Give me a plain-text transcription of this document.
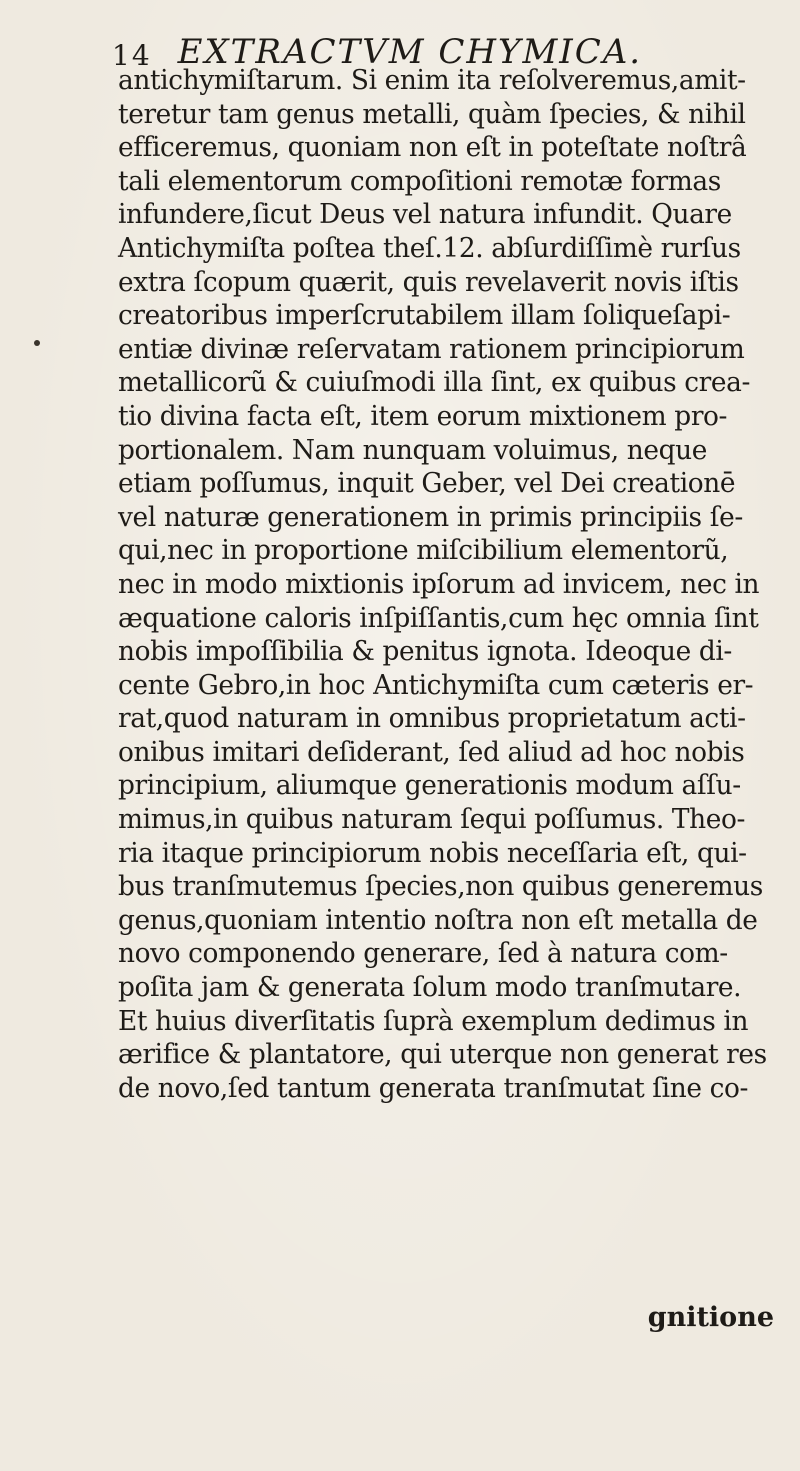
14 EXTRACTVM CHYMICA.
antichymiſtarum. Si enim ita reſolveremus,amit-
teretur tam genus metalli, quàm ſpecies, & nihil
efficeremus, quoniam non eſt in poteſtate noſtrâ
tali elementorum compoſitioni remotæ formas
infundere,ſicut Deus vel natura infundit. Quare
Antichymiſta poſtea theſ.12. abſurdiſſimè rurſus
extra ſcopum quærit, quis revelaverit novis iſtis
creatoribus imperſcrutabilem illam ſoliqueſapi-
entiæ divinæ reſervatam rationem principiorum
metallicorũ & cuiuſmodi illa ſint, ex quibus crea-
tio divina facta eſt, item eorum mixtionem pro-
portionalem. Nam nunquam voluimus, neque
etiam poſſumus, inquit Geber, vel Dei creationē
vel naturæ generationem in primis principiis ſe-
qui,nec in proportione miſcibilium elementorũ,
nec in modo mixtionis ipſorum ad invicem, nec in
æquatione caloris inſpiſſantis,cum hęc omnia ſint
nobis impoſſibilia & penitus ignota. Ideoque di-
cente Gebro,in hoc Antichymiſta cum cæteris er-
rat,quod naturam in omnibus proprietatum acti-
onibus imitari deſiderant, ſed aliud ad hoc nobis
principium, aliumque generationis modum aſſu-
mimus,in quibus naturam ſequi poſſumus. Theo-
ria itaque principiorum nobis neceſſaria eſt, qui-
bus tranſmutemus ſpecies,non quibus generemus
genus,quoniam intentio noſtra non eſt metalla de
novo componendo generare, ſed à natura com-
poſita jam & generata ſolum modo tranſmutare.
Et huius diverſitatis ſuprà exemplum dedimus in
ærifice & plantatore, qui uterque non generat res
de novo,ſed tantum generata tranſmutat ſine co-
gnitione
